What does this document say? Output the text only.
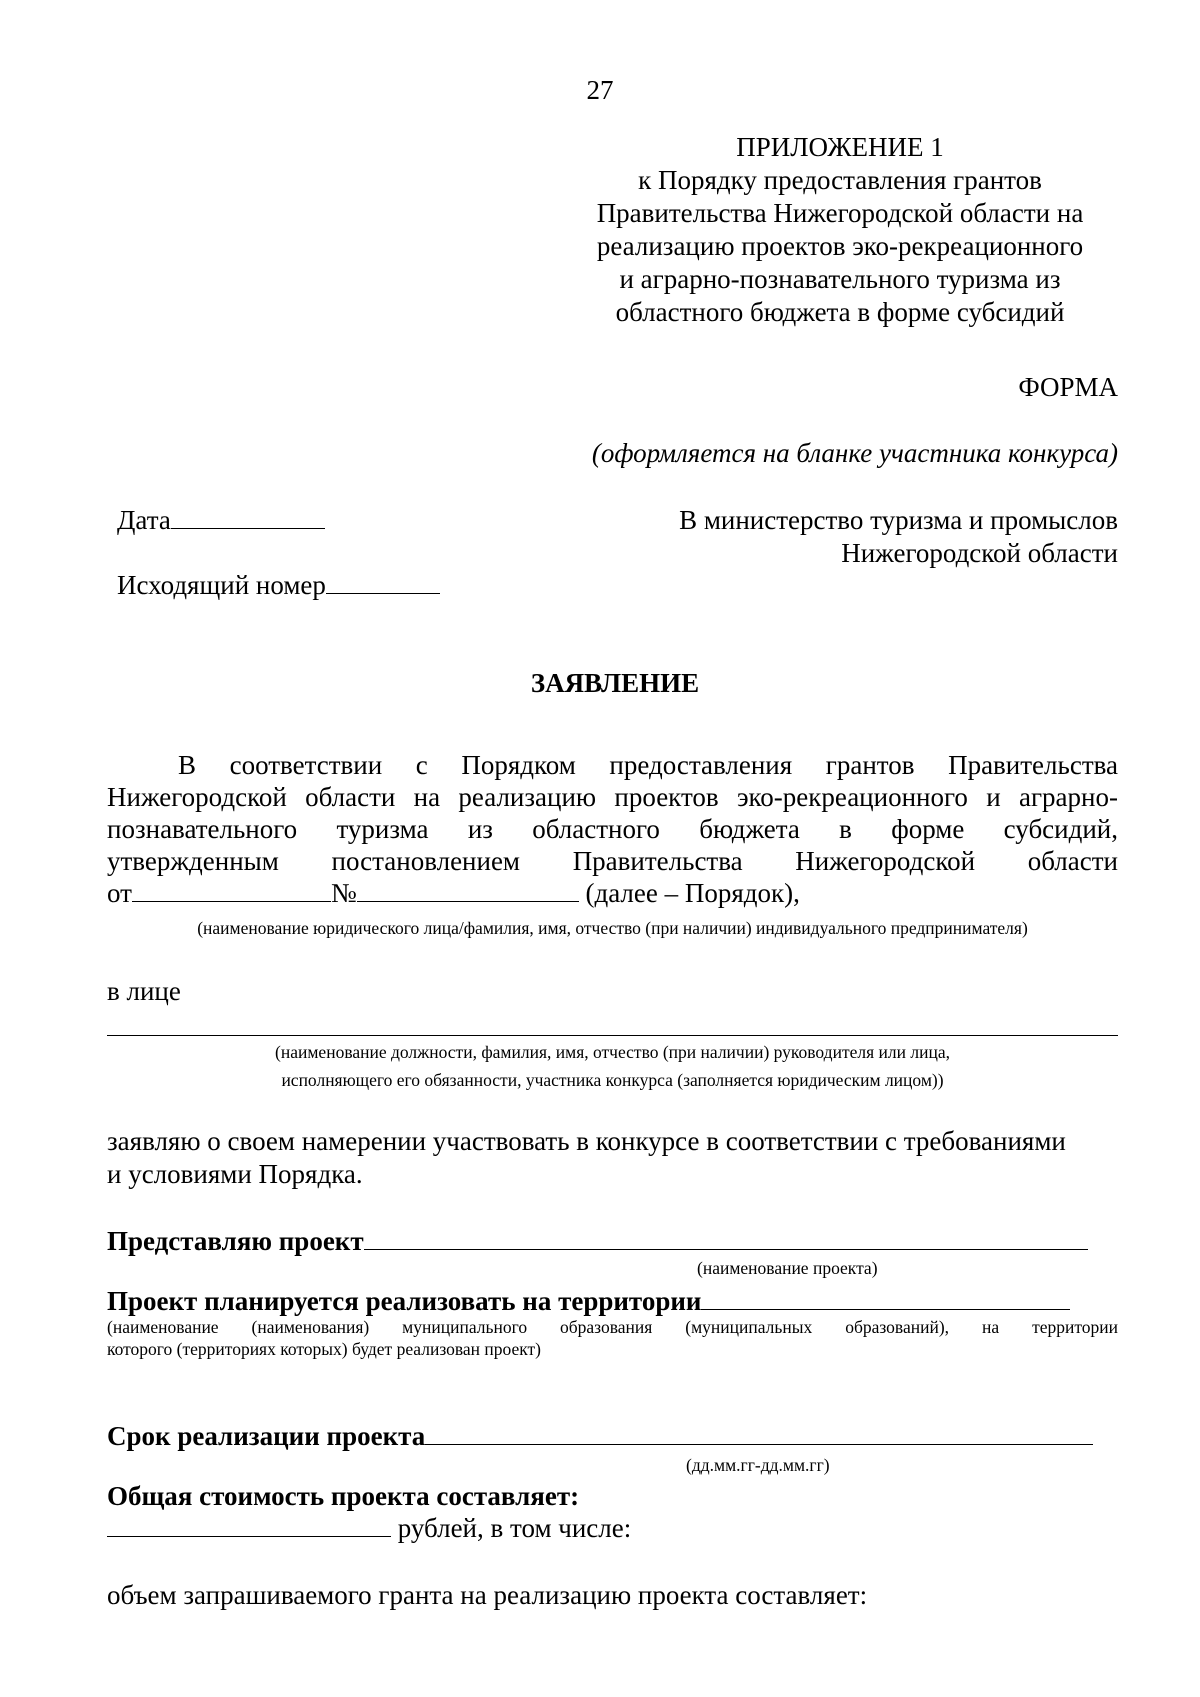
27
ПРИЛОЖЕНИЕ 1
к Порядку предоставления грантов
Правительства Нижегородской области на
реализацию проектов эко-рекреационного
и аграрно-познавательного туризма из
областного бюджета в форме субсидий
ФОРМА
(оформляется на бланке участника конкурса)
Дата
Исходящий номер
В министерство туризма и промыслов
Нижегородской области
ЗАЯВЛЕНИЕ
В соответствии с Порядком предоставления грантов Правительства
Нижегородской области на реализацию проектов эко-рекреационного и аграрно-
познавательного туризма из областного бюджета в форме субсидий,
утвержденным постановлением Правительства Нижегородской области
от	№	(далее – Порядок),
(наименование юридического лица/фамилия, имя, отчество (при наличии) индивидуального предпринимателя)
в лице
(наименование должности, фамилия, имя, отчество (при наличии) руководителя или лица,
исполняющего его обязанности, участника конкурса (заполняется юридическим лицом))
заявляю о своем намерении участвовать в конкурсе в соответствии с требованиями
и условиями Порядка.
Представляю проект
(наименование проекта)
Проект планируется реализовать на территории
(наименование (наименования) муниципального образования (муниципальных образований), на территории
которого (территориях которых) будет реализован проект)
Срок реализации проекта
(дд.мм.гг-дд.мм.гг)
Общая стоимость проекта составляет:
рублей, в том числе:
объем запрашиваемого гранта на реализацию проекта составляет:
